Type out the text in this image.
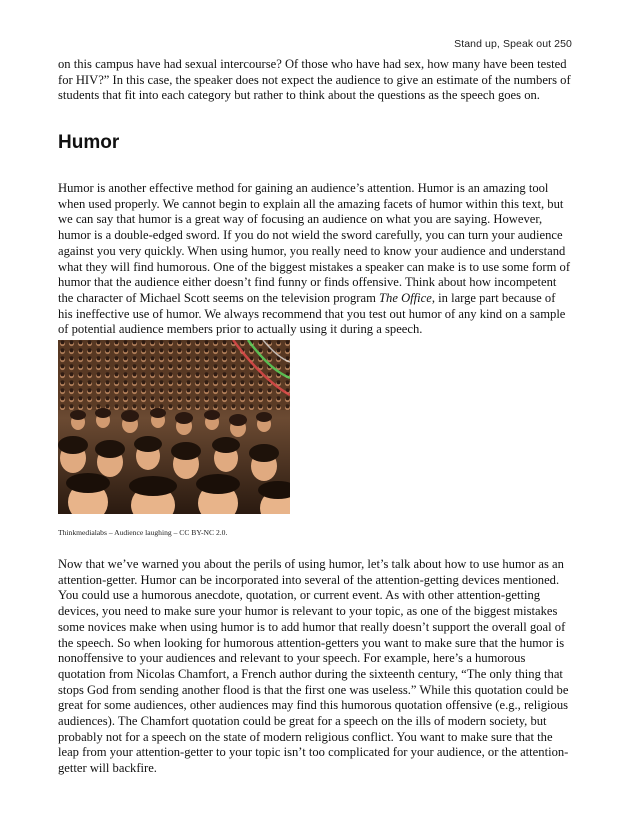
Stand up, Speak out 250

on this campus have had sexual intercourse? Of those who have had sex, how many have been tested for HIV?” In this case, the speaker does not expect the audience to give an estimate of the numbers of students that fit into each category but rather to think about the questions as the speech goes on.

Humor

Humor is another effective method for gaining an audience’s attention. Humor is an amazing tool when used properly. We cannot begin to explain all the amazing facets of humor within this text, but we can say that humor is a great way of focusing an audience on what you are saying. However, humor is a double-edged sword. If you do not wield the sword carefully, you can turn your audience against you very quickly. When using humor, you really need to know your audience and understand what they will find humorous. One of the biggest mistakes a speaker can make is to use some form of humor that the audience either doesn’t find funny or finds offensive. Think about how incompetent the character of Michael Scott seems on the television program The Office, in large part because of his ineffective use of humor. We always recommend that you test out humor of any kind on a sample of potential audience members prior to actually using it during a speech.

Thinkmedialabs – Audience laughing – CC BY-NC 2.0.

Now that we’ve warned you about the perils of using humor, let’s talk about how to use humor as an attention-getter. Humor can be incorporated into several of the attention-getting devices mentioned. You could use a humorous anecdote, quotation, or current event. As with other attention-getting devices, you need to make sure your humor is relevant to your topic, as one of the biggest mistakes some novices make when using humor is to add humor that really doesn’t support the overall goal of the speech. So when looking for humorous attention-getters you want to make sure that the humor is nonoffensive to your audiences and relevant to your speech. For example, here’s a humorous quotation from Nicolas Chamfort, a French author during the sixteenth century, “The only thing that stops God from sending another flood is that the first one was useless.” While this quotation could be great for some audiences, other audiences may find this humorous quotation offensive (e.g., religious audiences). The Chamfort quotation could be great for a speech on the ills of modern society, but probably not for a speech on the state of modern religious conflict. You want to make sure that the leap from your attention-getter to your topic isn’t too complicated for your audience, or the attention-getter will backfire.
